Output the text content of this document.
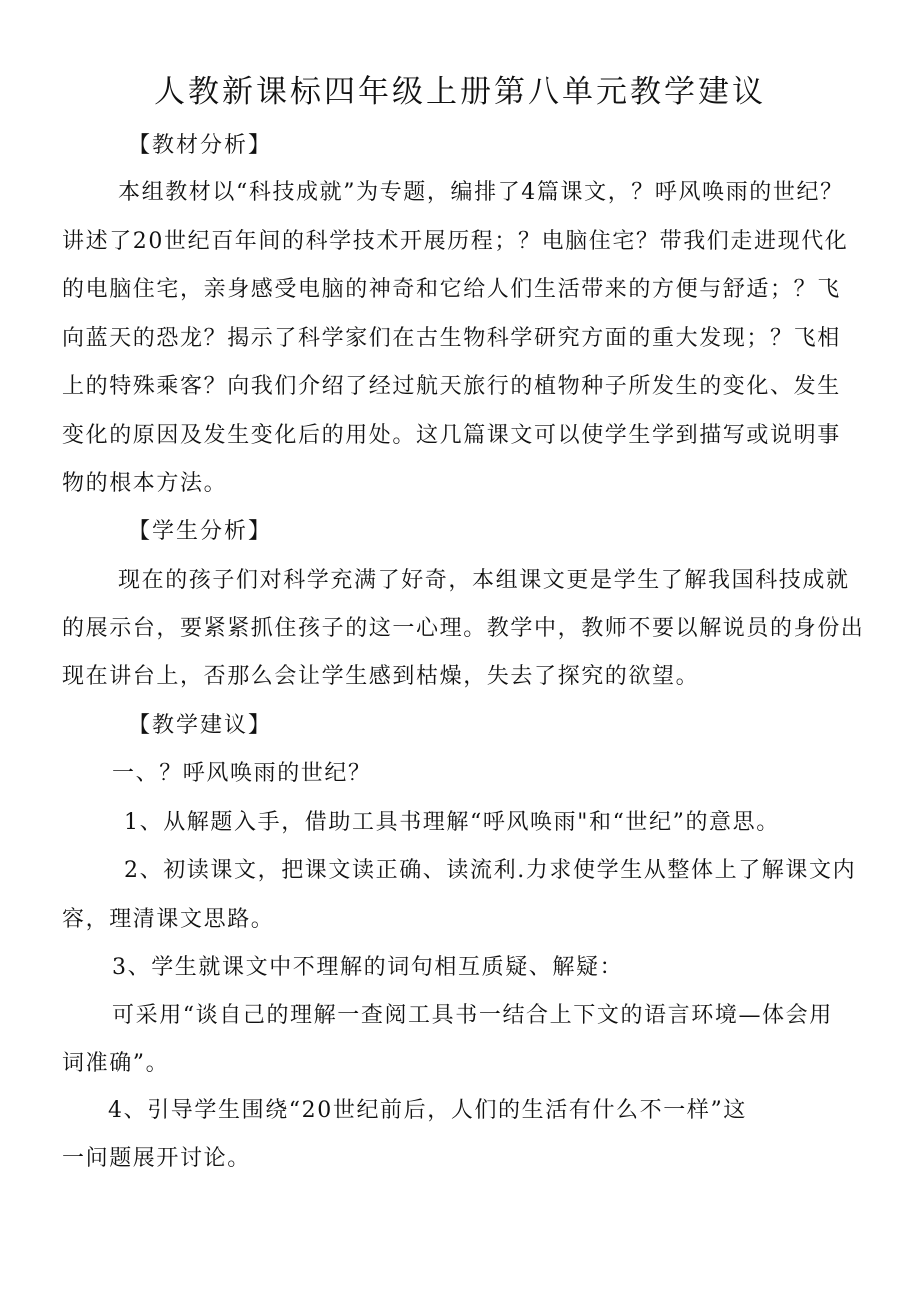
人教新课标四年级上册第八单元教学建议
【教材分析】
本组教材以“科技成就”为专题，编排了4篇课文，？呼风唤雨的世纪？
讲述了20世纪百年间的科学技术开展历程；？电脑住宅？带我们走进现代化
的电脑住宅，亲身感受电脑的神奇和它给人们生活带来的方便与舒适；？飞
向蓝天的恐龙？揭示了科学家们在古生物科学研究方面的重大发现；？飞相
上的特殊乘客？向我们介绍了经过航天旅行的植物种子所发生的变化、发生
变化的原因及发生变化后的用处。这几篇课文可以使学生学到描写或说明事
物的根本方法。
【学生分析】
现在的孩子们对科学充满了好奇，本组课文更是学生了解我国科技成就
的展示台，要紧紧抓住孩子的这一心理。教学中，教师不要以解说员的身份出
现在讲台上，否那么会让学生感到枯燥，失去了探究的欲望。
【教学建议】
一、？呼风唤雨的世纪？
1、从解题入手，借助工具书理解“呼风唤雨"和“世纪”的意思。
2、初读课文，把课文读正确、读流利.力求使学生从整体上了解课文内
容，理清课文思路。
3、学生就课文中不理解的词句相互质疑、解疑：
可采用“谈自己的理解一查阅工具书一结合上下文的语言环境—体会用
词准确”。
4、引导学生围绕“20世纪前后，人们的生活有什么不一样”这
一问题展开讨论。
